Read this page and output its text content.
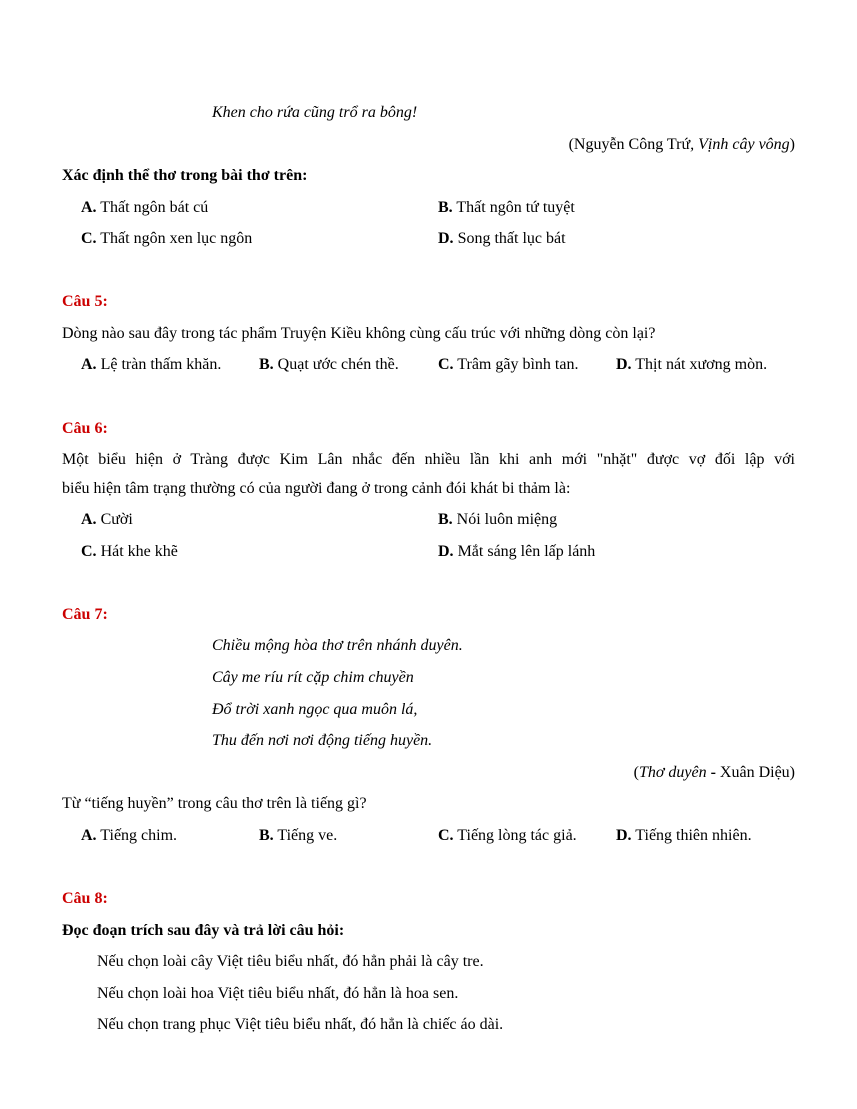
Khen cho rứa cũng trổ ra bông!
(Nguyễn Công Trứ, Vịnh cây vông)
Xác định thể thơ trong bài thơ trên:
A. Thất ngôn bát cú	B. Thất ngôn tứ tuyệt
C. Thất ngôn xen lục ngôn	D. Song thất lục bát
Câu 5:
Dòng nào sau đây trong tác phẩm Truyện Kiều không cùng cấu trúc với những dòng còn lại?
A. Lệ tràn thấm khăn. B. Quạt ước chén thề. C. Trâm gãy bình tan. D. Thịt nát xương mòn.
Câu 6:
Một biểu hiện ở Tràng được Kim Lân nhắc đến nhiều lần khi anh mới "nhặt" được vợ đối lập với
biểu hiện tâm trạng thường có của người đang ở trong cảnh đói khát bi thảm là:
A. Cười	B. Nói luôn miệng
C. Hát khe khẽ	D. Mắt sáng lên lấp lánh
Câu 7:
Chiều mộng hòa thơ trên nhánh duyên.
Cây me ríu rít cặp chim chuyền
Đổ trời xanh ngọc qua muôn lá,
Thu đến nơi nơi động tiếng huyền.
(Thơ duyên - Xuân Diệu)
Từ “tiếng huyền” trong câu thơ trên là tiếng gì?
A. Tiếng chim.	B. Tiếng ve.	C. Tiếng lòng tác giả. D. Tiếng thiên nhiên.
Câu 8:
Đọc đoạn trích sau đây và trả lời câu hỏi:
Nếu chọn loài cây Việt tiêu biểu nhất, đó hẳn phải là cây tre.
Nếu chọn loài hoa Việt tiêu biểu nhất, đó hẳn là hoa sen.
Nếu chọn trang phục Việt tiêu biểu nhất, đó hẳn là chiếc áo dài.
